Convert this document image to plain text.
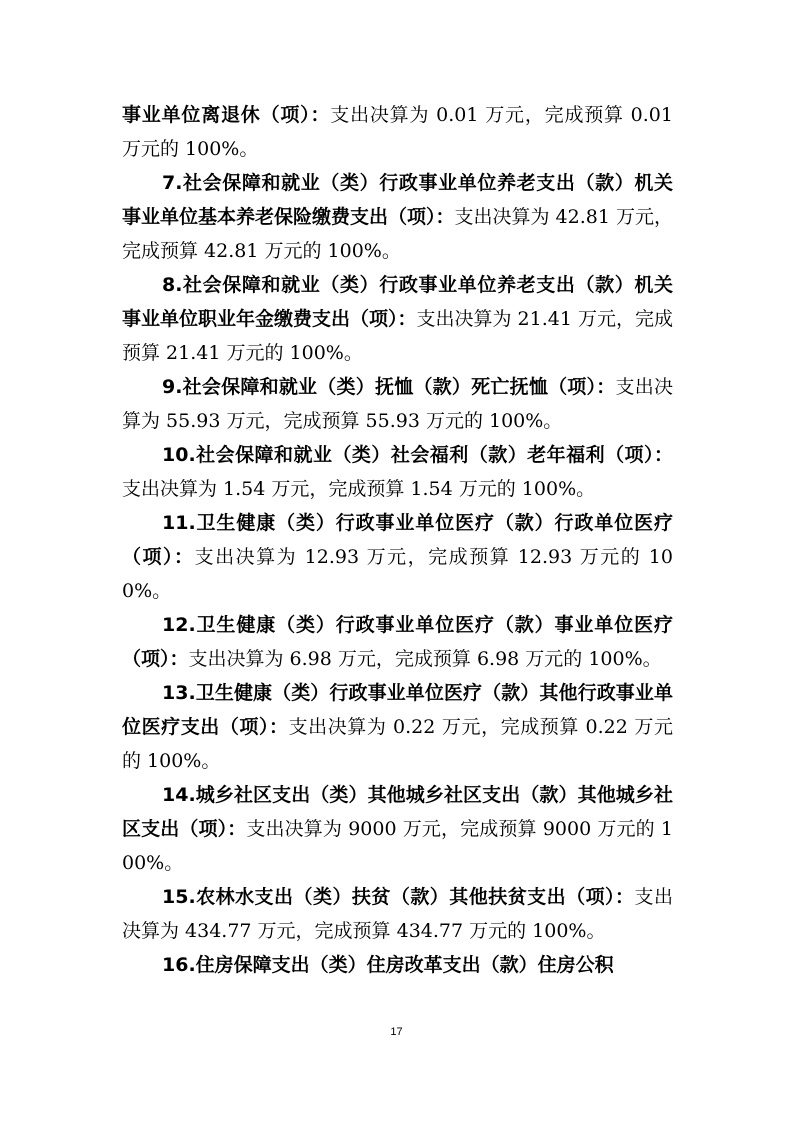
事业单位离退休（项）：支出决算为 0.01 万元，完成预算 0.01 万元的 100%。

7.社会保障和就业（类）行政事业单位养老支出（款）机关事业单位基本养老保险缴费支出（项）：支出决算为 42.81 万元，完成预算 42.81 万元的 100%。

8.社会保障和就业（类）行政事业单位养老支出（款）机关事业单位职业年金缴费支出（项）：支出决算为 21.41 万元，完成预算 21.41 万元的 100%。

9.社会保障和就业（类）抚恤（款）死亡抚恤（项）：支出决算为 55.93 万元，完成预算 55.93 万元的 100%。

10.社会保障和就业（类）社会福利（款）老年福利（项）：支出决算为 1.54 万元，完成预算 1.54 万元的 100%。

11.卫生健康（类）行政事业单位医疗（款）行政单位医疗（项）：支出决算为 12.93 万元，完成预算 12.93 万元的 100%。

12.卫生健康（类）行政事业单位医疗（款）事业单位医疗（项）：支出决算为 6.98 万元，完成预算 6.98 万元的 100%。

13.卫生健康（类）行政事业单位医疗（款）其他行政事业单位医疗支出（项）：支出决算为 0.22 万元，完成预算 0.22 万元的 100%。

14.城乡社区支出（类）其他城乡社区支出（款）其他城乡社区支出（项）：支出决算为 9000 万元，完成预算 9000 万元的 100%。

15.农林水支出（类）扶贫（款）其他扶贫支出（项）：支出决算为 434.77 万元，完成预算 434.77 万元的 100%。

16.住房保障支出（类）住房改革支出（款）住房公积

17
